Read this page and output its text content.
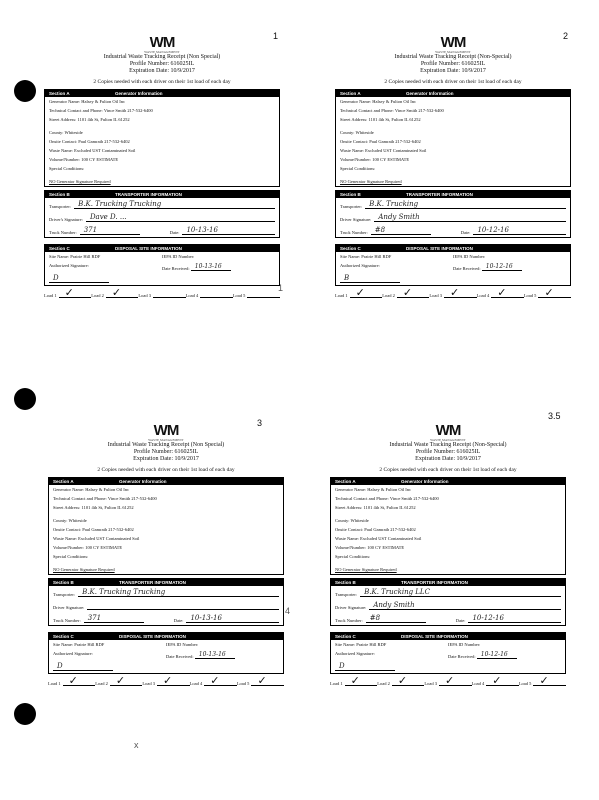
1
4
x
1	2
3
3.5
WM
WASTE MANAGEMENT
Industrial Waste Tracking Receipt (Non Special)
Profile Number: 616025IL
Expiration Date: 10/9/2017
2 Copies needed with each driver on their 1st load of each day
Section A	Generator Information
Generator Name: Halsey & Fulton Oil Inc
Technical Contact and Phone: Vince Smith 217-532-6400
Street Address: 1101 4th St, Fulton IL 61252
County: Whiteside
Onsite Contact: Paul Gamrath 217-532-6402
Waste Name: Excluded UST Contaminated Soil
Volume/Number: 100 CY ESTIMATE
Special Conditions:
NO Generator Signature Required
Section B	TRANSPORTER INFORMATION
Transporter: B.K. Trucking Trucking
Driver's Signature: Dave D. ...
Truck Number: 371	Date: 10-13-16
Section C	DISPOSAL SITE INFORMATION
Site Name: Prairie Hill RDF	IEPA ID Number:
Authorized Signature:
Date Received: 10-13-16
D
Load 1 ✓	Load 2 ✓	Load 3	Load 4	Load 5
WM
WASTE MANAGEMENT
Industrial Waste Tracking Receipt (Non-Special)
Profile Number: 616025IL
Expiration Date: 10/9/2017
2 Copies needed with each driver on their 1st load of each day
Section A	Generator Information
Generator Name: Halsey & Fulton Oil Inc
Technical Contact and Phone: Vince Smith 217-532-6400
Street Address: 1101 4th St, Fulton IL 61252
County: Whiteside
Onsite Contact: Paul Gamrath 217-532-6402
Waste Name: Excluded UST Contaminated Soil
Volume/Number: 100 CY ESTIMATE
Special Conditions:
NO Generator Signature Required
Section B	TRANSPORTER INFORMATION
Transporter: B.K. Trucking
Driver Signature: Andy Smith
Truck Number: #8	Date: 10-12-16
Section C	DISPOSAL SITE INFORMATION
Site Name: Prairie Hill RDF	IEPA ID Number:
Authorized Signature:
Date Received: 10-12-16
B
Load 1 ✓	Load 2 ✓	Load 3 ✓	Load 4 ✓	Load 5 ✓
WM
WASTE MANAGEMENT
Industrial Waste Tracking Receipt (Non Special)
Profile Number: 616025IL
Expiration Date: 10/9/2017
2 Copies needed with each driver on their 1st load of each day
Section A	Generator Information
Generator Name: Halsey & Fulton Oil Inc
Technical Contact and Phone: Vince Smith 217-532-6400
Street Address: 1101 4th St, Fulton IL 61252
County: Whiteside
Onsite Contact: Paul Gamrath 217-532-6402
Waste Name: Excluded UST Contaminated Soil
Volume/Number: 100 CY ESTIMATE
Special Conditions:
NO Generator Signature Required
Section B	TRANSPORTER INFORMATION
Transporter: B.K. Trucking Trucking
Driver Signature:
Truck Number: 371	Date: 10-13-16
Section C	DISPOSAL SITE INFORMATION
Site Name: Prairie Hill RDF	IEPA ID Number:
Authorized Signature:
Date Received: 10-13-16
D
Load 1 ✓	Load 2 ✓	Load 3 ✓	Load 4 ✓	Load 5 ✓
WM
WASTE MANAGEMENT
Industrial Waste Tracking Receipt (Non-Special)
Profile Number: 616025IL
Expiration Date: 10/9/2017
2 Copies needed with each driver on their 1st load of each day
Section A	Generator Information
Generator Name: Halsey & Fulton Oil Inc
Technical Contact and Phone: Vince Smith 217-532-6400
Street Address: 1101 4th St, Fulton IL 61252
County: Whiteside
Onsite Contact: Paul Gamrath 217-532-6402
Waste Name: Excluded UST Contaminated Soil
Volume/Number: 100 CY ESTIMATE
Special Conditions:
NO Generator Signature Required
Section B	TRANSPORTER INFORMATION
Transporter: B.K. Trucking LLC
Driver Signature: Andy Smith
Truck Number: #8	Date: 10-12-16
Section C	DISPOSAL SITE INFORMATION
Site Name: Prairie Hill RDF	IEPA ID Number:
Authorized Signature:
Date Received: 10-12-16
D
Load 1 ✓	Load 2 ✓	Load 3 ✓	Load 4 ✓	Load 5 ✓
